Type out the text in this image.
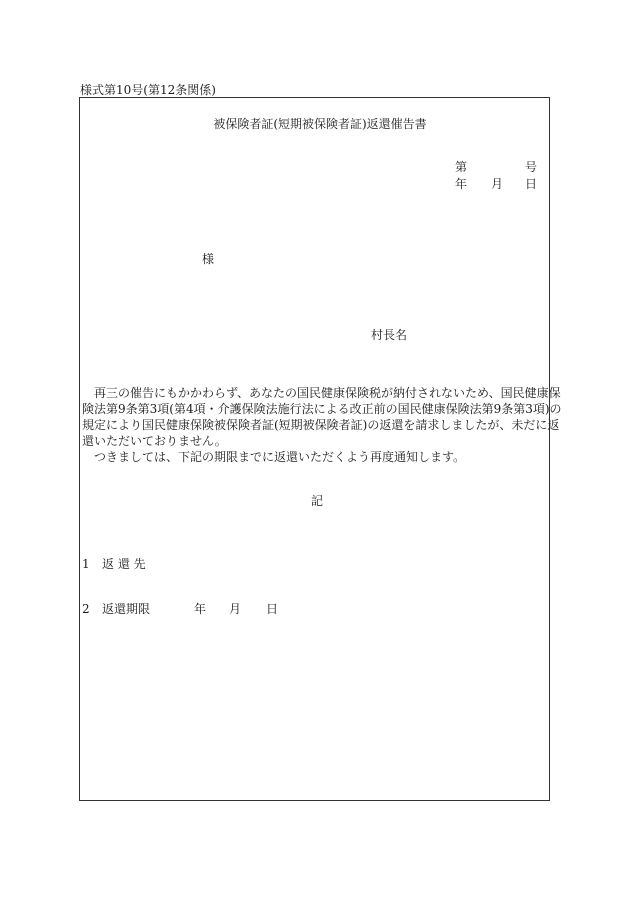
様式第10号(第12条関係)
被保険者証(短期被保険者証)返還催告書
第	号
年 月 日
様
村長名

　再三の催告にもかかわらず、あなたの国民健康保険税が納付されないため、国民健康保
険法第9条第3項(第4項・介護保険法施行法による改正前の国民健康保険法第9条第3項)の
規定により国民健康保険被保険者証(短期被保険者証)の返還を請求しましたが、未だに返
還いただいておりません。

　つきましては、下記の期限までに返還いただくよう再度通知します。

記
1 返 還 先
2 返還期限	年 月 日
